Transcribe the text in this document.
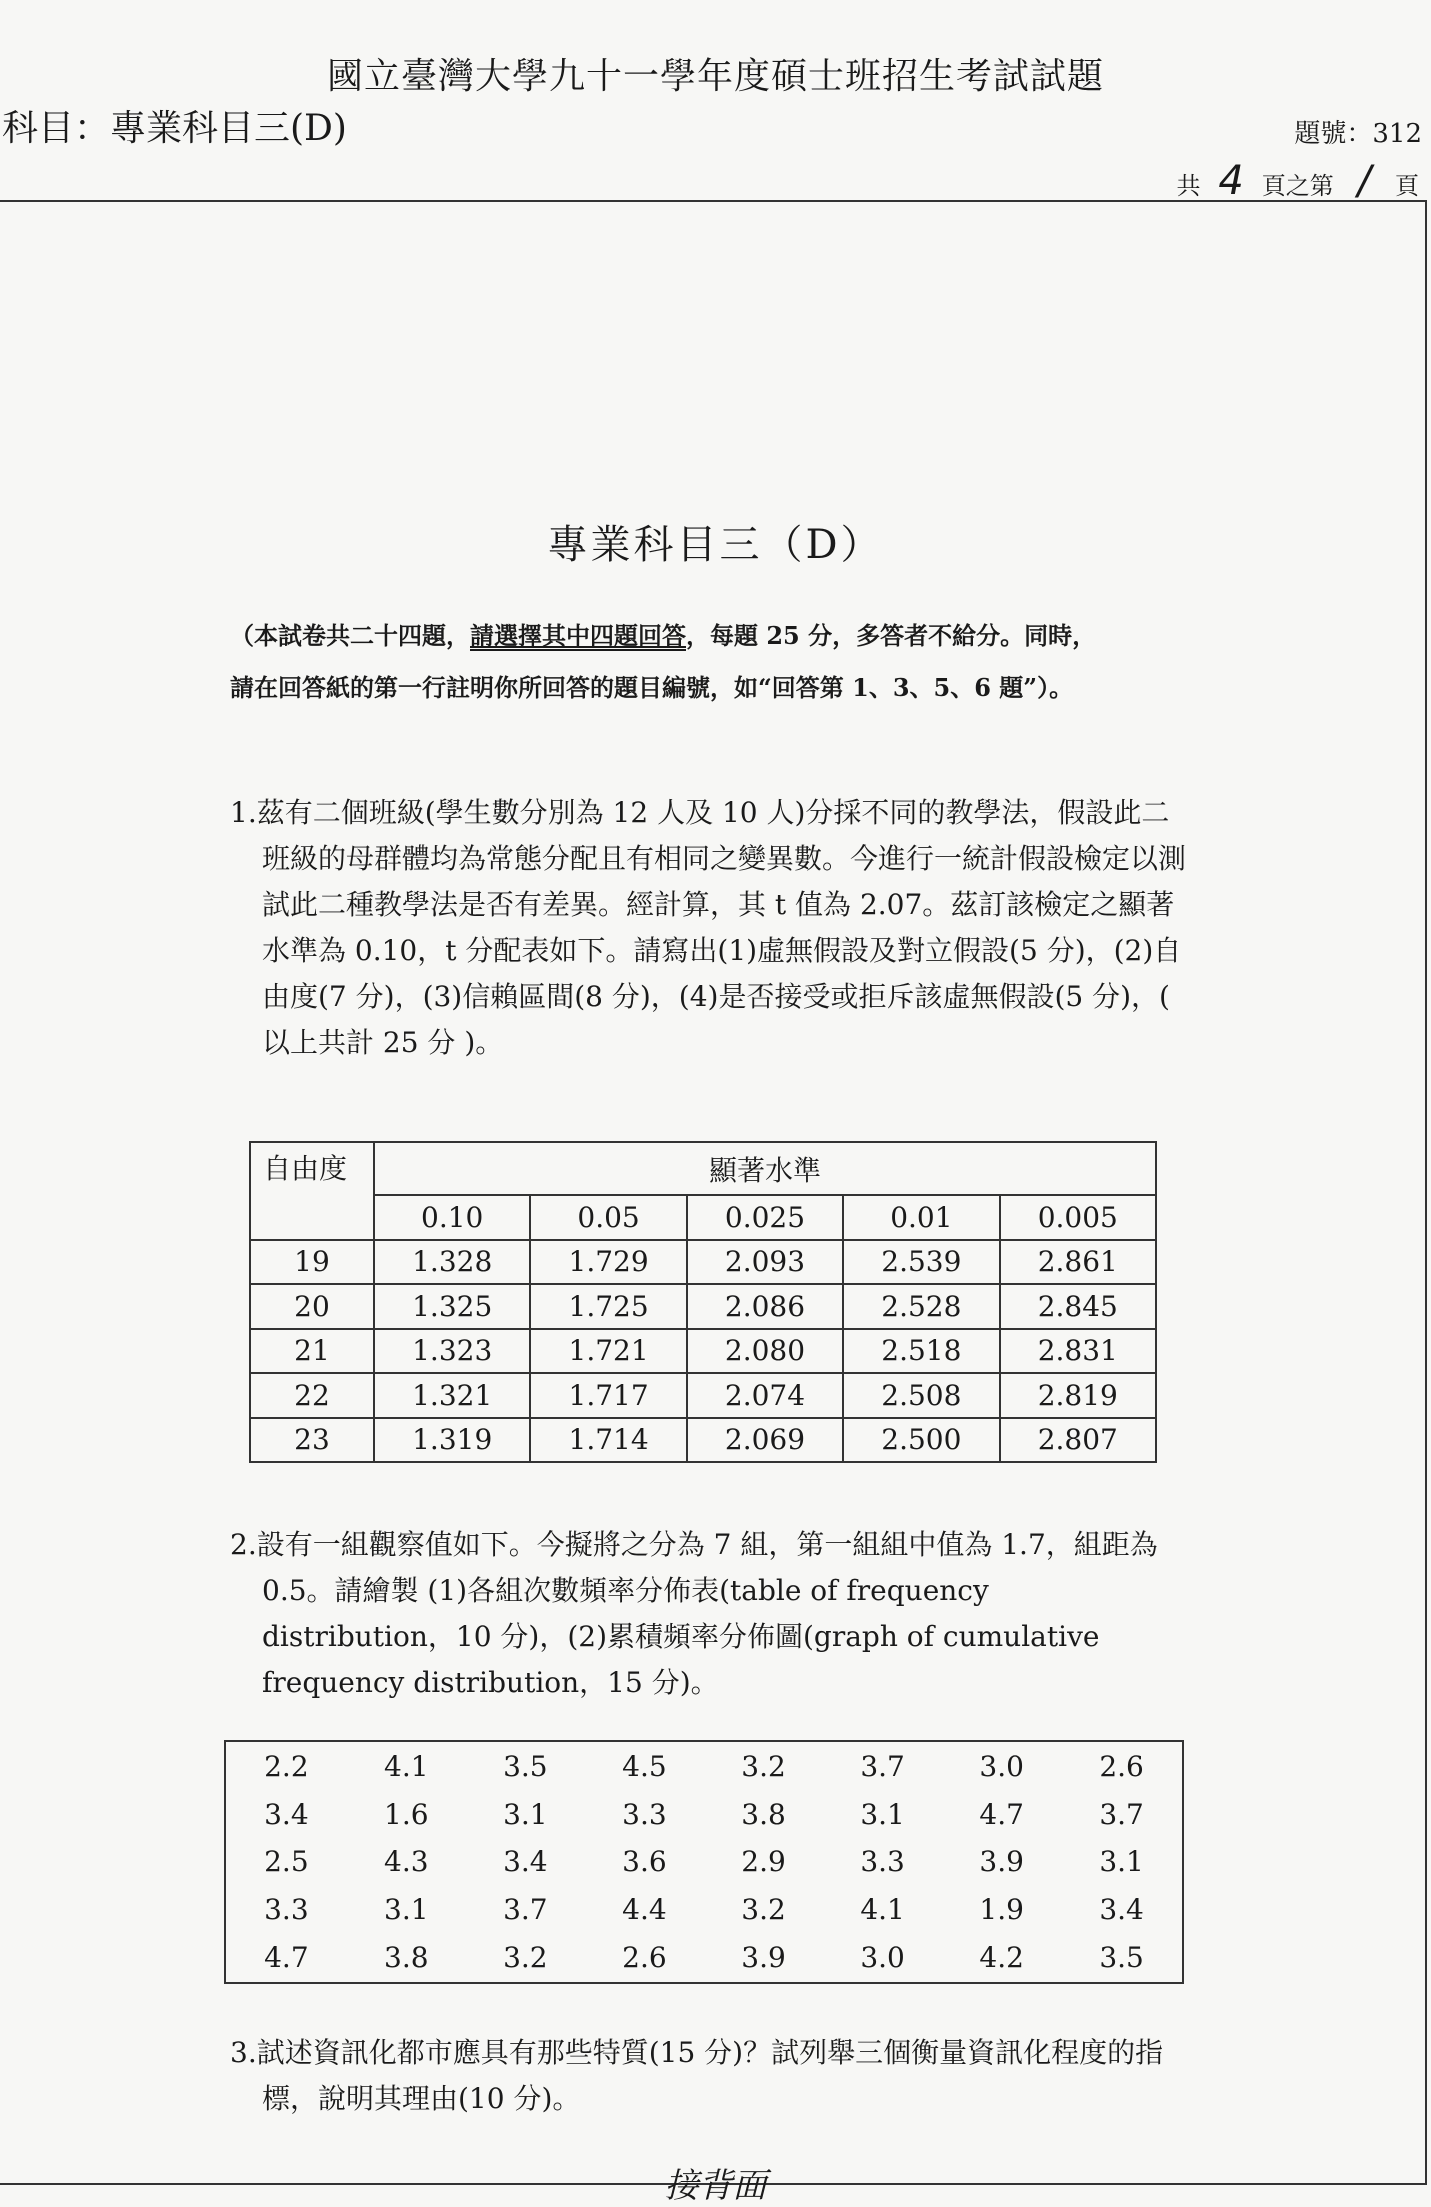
國立臺灣大學九十一學年度碩士班招生考試試題
科目：專業科目三(D)	題號：312
共 4 頁之第 / 頁
專業科目三（D）
（本試卷共二十四題，請選擇其中四題回答，每題 25 分，多答者不給分。同時，
請在回答紙的第一行註明你所回答的題目編號，如“回答第 1、3、5、6 題”）。

1.茲有二個班級(學生數分別為 12 人及 10 人)分採不同的教學法，假設此二班級的母群體均為常態分配且有相同之變異數。今進行一統計假設檢定以測試此二種教學法是否有差異。經計算，其 t 值為 2.07。茲訂該檢定之顯著水準為 0.10，t 分配表如下。請寫出(1)虛無假設及對立假設(5 分)，(2)自由度(7 分)，(3)信賴區間(8 分)，(4)是否接受或拒斥該虛無假設(5 分)，( 以上共計 25 分 )。

自由度	顯著水準				
	0.10	0.05	0.025	0.01	0.005
19	1.328	1.729	2.093	2.539	2.861
20	1.325	1.725	2.086	2.528	2.845
21	1.323	1.721	2.080	2.518	2.831
22	1.321	1.717	2.074	2.508	2.819
23	1.319	1.714	2.069	2.500	2.807

2.設有一組觀察值如下。今擬將之分為 7 組，第一組組中值為 1.7，組距為 0.5。請繪製 (1)各組次數頻率分佈表(table of frequency distribution，10 分)，(2)累積頻率分佈圖(graph of cumulative frequency distribution，15 分)。

2.2	4.1	3.5	4.5	3.2	3.7	3.0	2.6
3.4	1.6	3.1	3.3	3.8	3.1	4.7	3.7
2.5	4.3	3.4	3.6	2.9	3.3	3.9	3.1
3.3	3.1	3.7	4.4	3.2	4.1	1.9	3.4
4.7	3.8	3.2	2.6	3.9	3.0	4.2	3.5

3.試述資訊化都市應具有那些特質(15 分)？試列舉三個衡量資訊化程度的指標，說明其理由(10 分)。

接背面
